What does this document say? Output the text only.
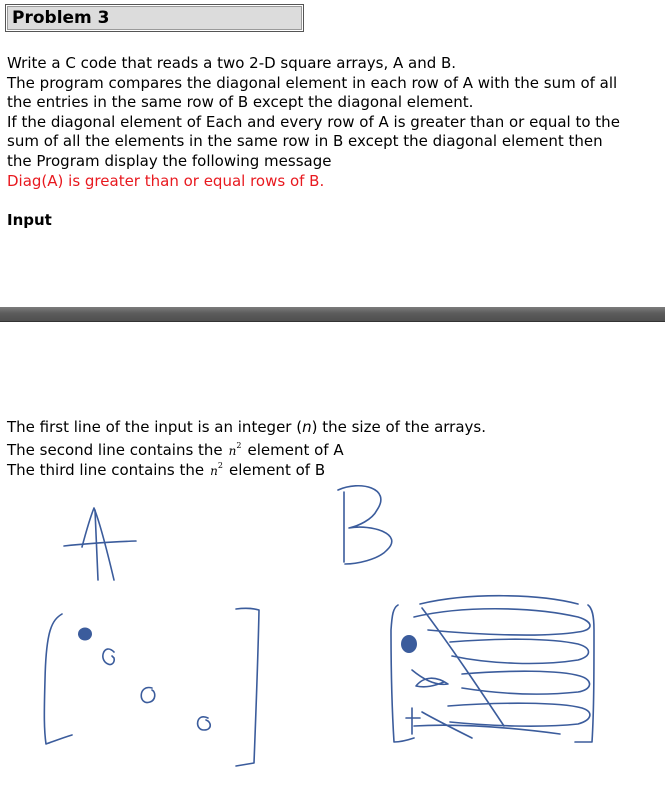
Problem 3
Write a C code that reads a two 2-D square arrays, A and B.
The program compares the diagonal element in each row of A with the sum of all
the entries in the same row of B except the diagonal element.
If the diagonal element of Each and every row of A is greater than or equal to the
sum of all the elements in the same row in B except the diagonal element then
the Program display the following message
Diag(A) is greater than or equal rows of B.
Input
The first line of the input is an integer (n) the size of the arrays.
The second line contains the $n^2$ element of A
The third line contains the $n^2$ element of B
